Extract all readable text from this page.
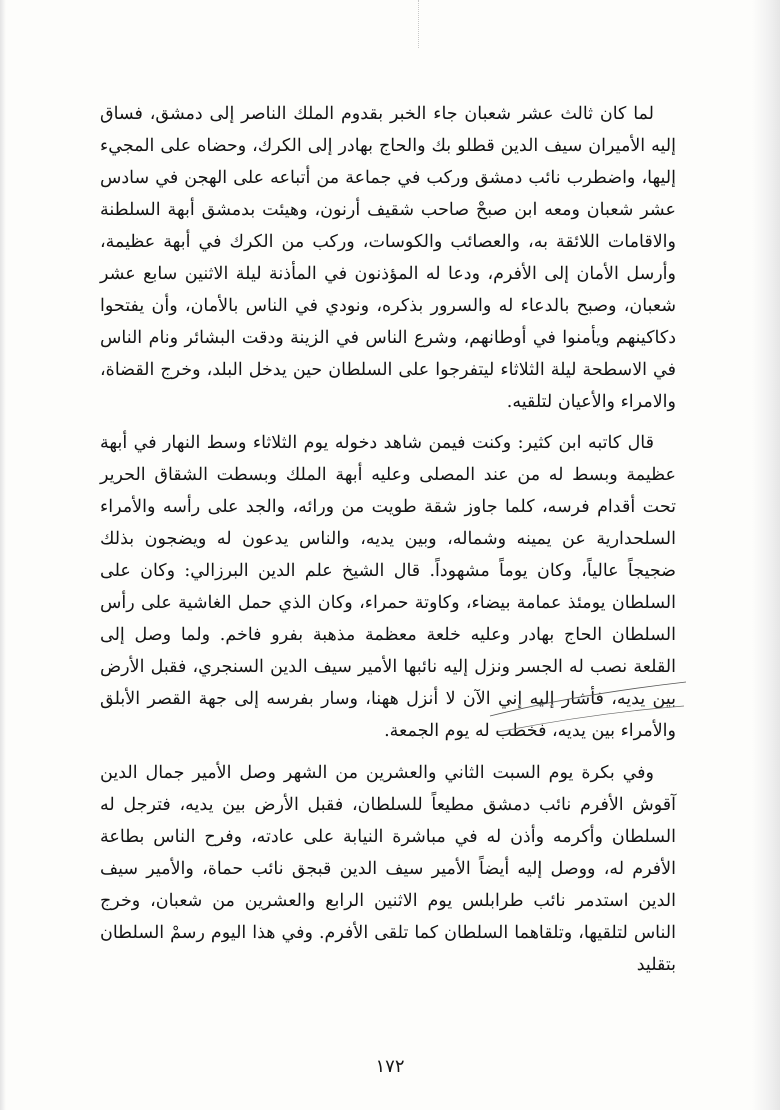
لما كان ثالث عشر شعبان جاء الخبر بقدوم الملك الناصر إلى دمشق، فساق إليه الأميران سيف الدين قطلو بك والحاج بهادر إلى الكرك، وحضاه على المجيء إليها، واضطرب نائب دمشق وركب في جماعة من أتباعه على الهجن في سادس عشر شعبان ومعه ابن صبحْ صاحب شقيف أرنون، وهيئت بدمشق أبهة السلطنة والاقامات اللائقة به، والعصائب والكوسات، وركب من الكرك في أبهة عظيمة، وأرسل الأمان إلى الأفرم، ودعا له المؤذنون في المأذنة ليلة الاثنين سابع عشر شعبان، وصبح بالدعاء له والسرور بذكره، ونودي في الناس بالأمان، وأن يفتحوا دكاكينهم ويأمنوا في أوطانهم، وشرع الناس في الزينة ودقت البشائر ونام الناس في الاسطحة ليلة الثلاثاء ليتفرجوا على السلطان حين يدخل البلد، وخرج القضاة، والامراء والأعيان لتلقيه.

قال كاتبه ابن كثير: وكنت فيمن شاهد دخوله يوم الثلاثاء وسط النهار في أبهة عظيمة وبسط له من عند المصلى وعليه أبهة الملك وبسطت الشقاق الحرير تحت أقدام فرسه، كلما جاوز شقة طويت من ورائه، والجد على رأسه والأمراء السلحدارية عن يمينه وشماله، وبين يديه، والناس يدعون له ويضجون بذلك ضجيجاً عالياً، وكان يوماً مشهوداً. قال الشيخ علم الدين البرزالي: وكان على السلطان يومئذ عمامة بيضاء، وكاوتة حمراء، وكان الذي حمل الغاشية على رأس السلطان الحاج بهادر وعليه خلعة معظمة مذهبة بفرو فاخم. ولما وصل إلى القلعة نصب له الجسر ونزل إليه نائبها الأمير سيف الدين السنجري، فقبل الأرض بين يديه، فأشار إليه إني الآن لا أنزل ههنا، وسار بفرسه إلى جهة القصر الأبلق والأمراء بين يديه، فخطب له يوم الجمعة.

وفي بكرة يوم السبت الثاني والعشرين من الشهر وصل الأمير جمال الدين آقوش الأفرم نائب دمشق مطيعاً للسلطان، فقبل الأرض بين يديه، فترجل له السلطان وأكرمه وأذن له في مباشرة النيابة على عادته، وفرح الناس بطاعة الأفرم له، ووصل إليه أيضاً الأمير سيف الدين قبجق نائب حماة، والأمير سيف الدين استدمر نائب طرابلس يوم الاثنين الرابع والعشرين من شعبان، وخرج الناس لتلقيها، وتلقاهما السلطان كما تلقى الأفرم. وفي هذا اليوم رسمْ السلطان بتقليد

١٧٢
